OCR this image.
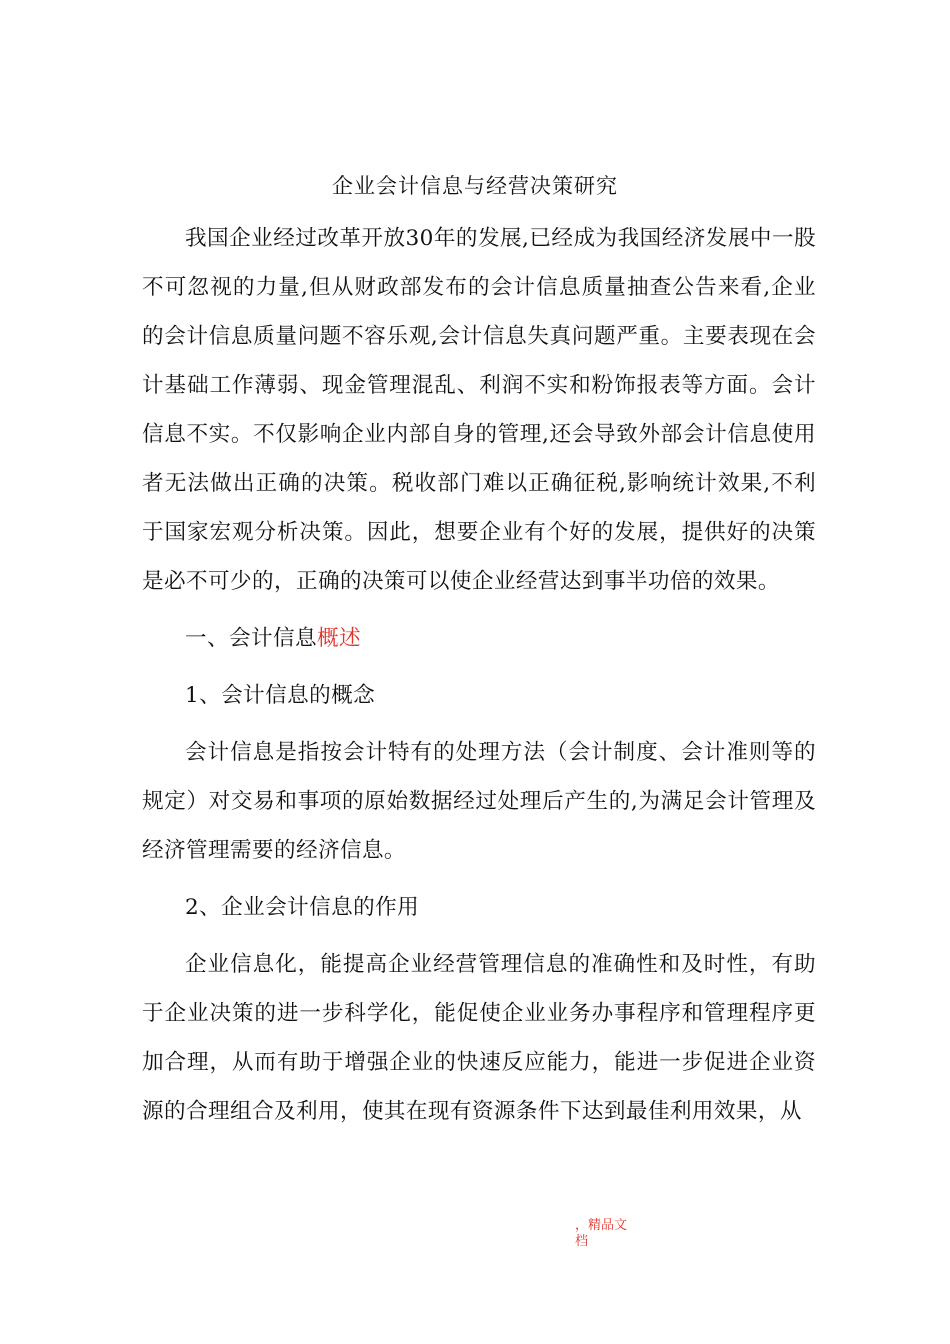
企业会计信息与经营决策研究

我国企业经过改革开放30年的发展,已经成为我国经济发展中一股不可忽视的力量,但从财政部发布的会计信息质量抽查公告来看,企业的会计信息质量问题不容乐观,会计信息失真问题严重。主要表现在会计基础工作薄弱、现金管理混乱、利润不实和粉饰报表等方面。会计信息不实。不仅影响企业内部自身的管理,还会导致外部会计信息使用者无法做出正确的决策。税收部门难以正确征税,影响统计效果,不利于国家宏观分析决策。因此，想要企业有个好的发展，提供好的决策是必不可少的，正确的决策可以使企业经营达到事半功倍的效果。

一、会计信息概述

1、会计信息的概念

会计信息是指按会计特有的处理方法（会计制度、会计准则等的规定）对交易和事项的原始数据经过处理后产生的,为满足会计管理及经济管理需要的经济信息。

2、企业会计信息的作用

企业信息化，能提高企业经营管理信息的准确性和及时性，有助于企业决策的进一步科学化，能促使企业业务办事程序和管理程序更加合理，从而有助于增强企业的快速反应能力，能进一步促进企业资源的合理组合及利用，使其在现有资源条件下达到最佳利用效果，从

，精品文档
